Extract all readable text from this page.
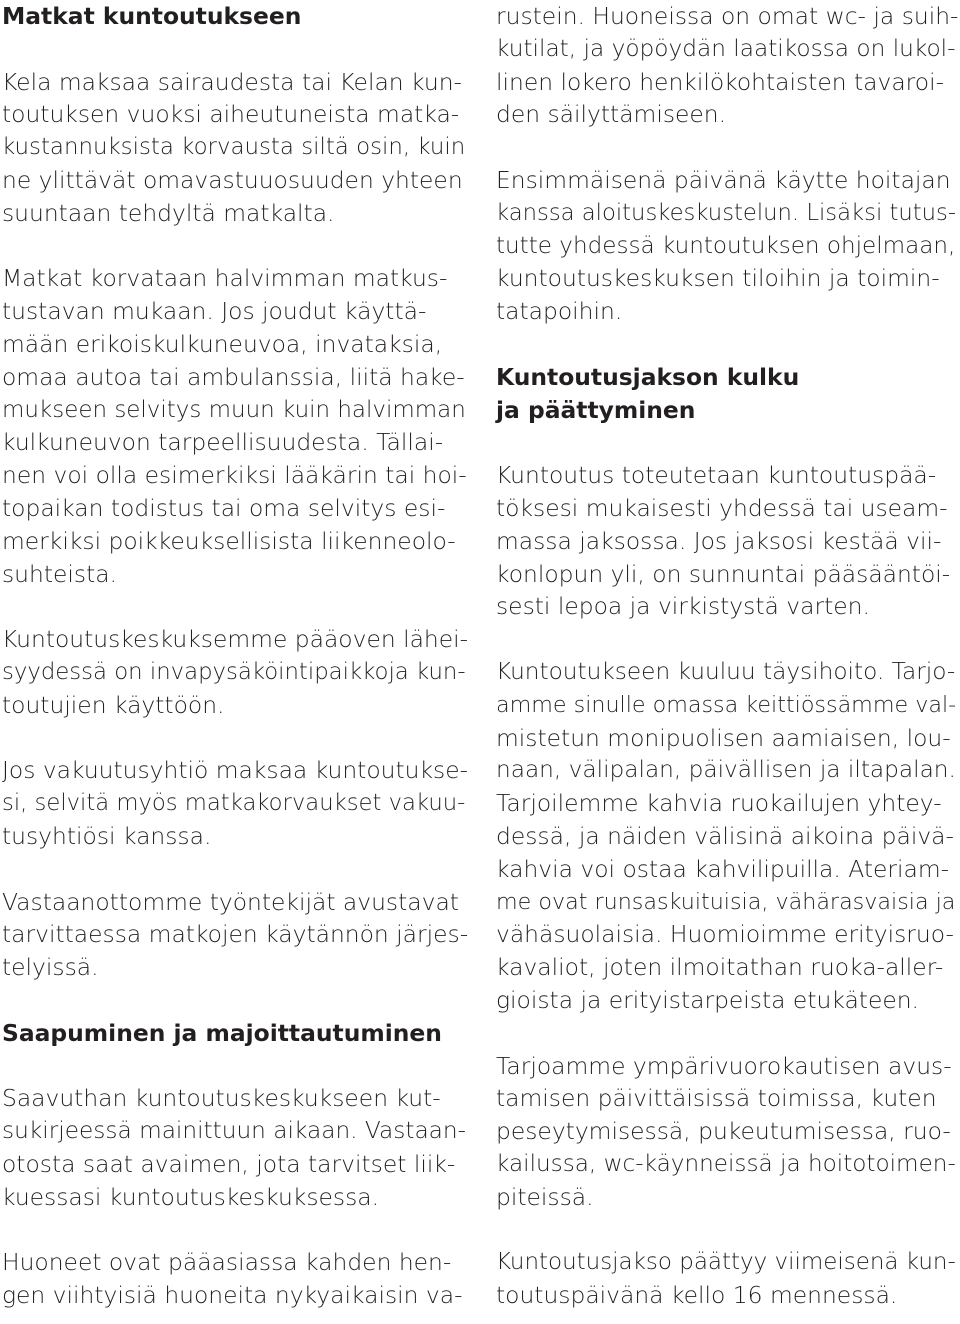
Matkat kuntoutukseen
Kela maksaa sairaudesta tai Kelan kun-
toutuksen vuoksi aiheutuneista matka-
kustannuksista korvausta siltä osin, kuin
ne ylittävät omavastuuosuuden yhteen
suuntaan tehdyltä matkalta.
Matkat korvataan halvimman matkus-
tustavan mukaan. Jos joudut käyttä-
mään erikoiskulkuneuvoa, invataksia,
omaa autoa tai ambulanssia, liitä hake-
mukseen selvitys muun kuin halvimman
kulkuneuvon tarpeellisuudesta. Tällai-
nen voi olla esimerkiksi lääkärin tai hoi-
topaikan todistus tai oma selvitys esi-
merkiksi poikkeuksellisista liikenneolo-
suhteista.
Kuntoutuskeskuksemme pääoven lähei-
syydessä on invapysäköintipaikkoja kun-
toutujien käyttöön.
Jos vakuutusyhtiö maksaa kuntoutukse-
si, selvitä myös matkakorvaukset vakuu-
tusyhtiösi kanssa.
Vastaanottomme työntekijät avustavat
tarvittaessa matkojen käytännön järjes-
telyissä.
Saapuminen ja majoittautuminen
Saavuthan kuntoutuskeskukseen kut-
sukirjeessä mainittuun aikaan. Vastaan-
otosta saat avaimen, jota tarvitset liik-
kuessasi kuntoutuskeskuksessa.
Huoneet ovat pääasiassa kahden hen-
gen viihtyisiä huoneita nykyaikaisin va-
rustein. Huoneissa on omat wc- ja suih-
kutilat, ja yöpöydän laatikossa on lukol-
linen lokero henkilökohtaisten tavaroi-
den säilyttämiseen.
Ensimmäisenä päivänä käytte hoitajan
kanssa aloituskeskustelun. Lisäksi tutus-
tutte yhdessä kuntoutuksen ohjelmaan,
kuntoutuskeskuksen tiloihin ja toimin-
tatapoihin.
Kuntoutusjakson kulku
ja päättyminen
Kuntoutus toteutetaan kuntoutuspää-
töksesi mukaisesti yhdessä tai useam-
massa jaksossa. Jos jaksosi kestää vii-
konlopun yli, on sunnuntai pääsääntöi-
sesti lepoa ja virkistystä varten.
Kuntoutukseen kuuluu täysihoito. Tarjo-
amme sinulle omassa keittiössämme val-
mistetun monipuolisen aamiaisen, lou-
naan, välipalan, päivällisen ja iltapalan.
Tarjoilemme kahvia ruokailujen yhtey-
dessä, ja näiden välisinä aikoina päivä-
kahvia voi ostaa kahvilipuilla. Ateriam-
me ovat runsaskuituisia, vähärasvaisia ja
vähäsuolaisia. Huomioimme erityisruo-
kavaliot, joten ilmoitathan ruoka-aller-
gioista ja erityistarpeista etukäteen.
Tarjoamme ympärivuorokautisen avus-
tamisen päivittäisissä toimissa, kuten
peseytymisessä, pukeutumisessa, ruo-
kailussa, wc-käynneissä ja hoitotoimen-
piteissä.
Kuntoutusjakso päättyy viimeisenä kun-
toutuspäivänä kello 16 mennessä.
